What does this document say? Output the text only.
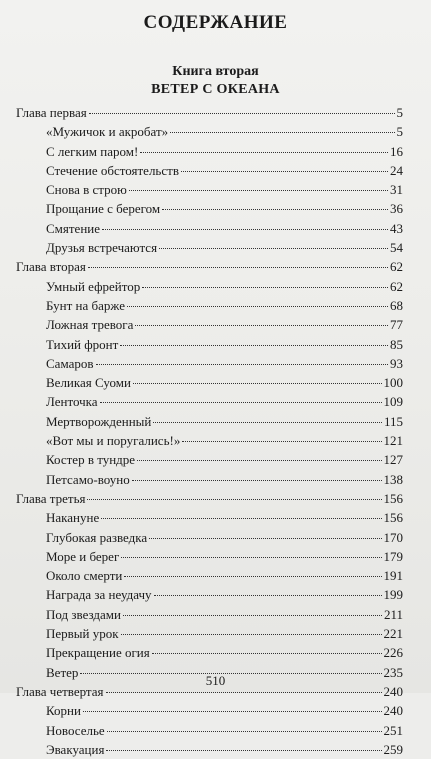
СОДЕРЖАНИЕ
Книга вторая
ВЕТЕР С ОКЕАНА
Глава первая	5
«Мужичок и акробат»	5
С легким паром!	16
Стечение обстоятельств	24
Снова в строю	31
Прощание с берегом	36
Смятение	43
Друзья встречаются	54
Глава вторая	62
Умный ефрейтор	62
Бунт на барже	68
Ложная тревога	77
Тихий фронт	85
Самаров	93
Великая Суоми	100
Ленточка	109
Мертворожденный	115
«Вот мы и поругались!»	121
Костер в тундре	127
Петсамо-воуно	138
Глава третья	156
Накануне	156
Глубокая разведка	170
Море и берег	179
Около смерти	191
Награда за неудачу	199
Под звездами	211
Первый урок	221
Прекращение огия	226
Ветер	235
Глава четвертая	240
Корни	240
Новоселье	251
Эвакуация	259
510
